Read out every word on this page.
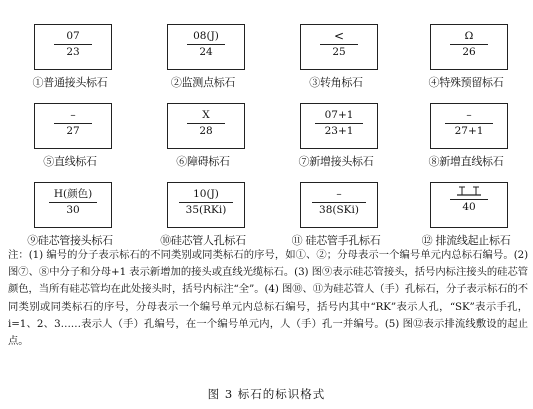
07
23
①普通接头标石
08(J)
24
②监测点标石
<
25
③转角标石
Ω
26
④特殊预留标石
–
27
⑤直线标石
X
28
⑥障碍标石
07+1
23+1
⑦新增接头标石
–
27+1
⑧新增直线标石
H(颜色)
30
⑨硅芯管接头标石
10(J)
35(RKi)
⑩硅芯管人孔标石
–
38(SKi)
⑪ 硅芯管手孔标石
40
⑫ 排流线起止标石
注：(1) 编号的分子表示标石的不同类别或同类标石的序号，如①、②；分母表示一个编号单元内总标石编号。(2) 图⑦、⑧中分子和分母+1 表示新增加的接头或直线光缆标石。(3) 图⑨表示硅芯管接头，括号内标注接头的硅芯管颜色，当所有硅芯管均在此处接头时，括号内标注“全”。(4) 图⑩、⑪为硅芯管人（手）孔标石，分子表示标石的不同类别或同类标石的序号，分母表示一个编号单元内总标石编号，括号内其中“RK”表示人孔，“SK”表示手孔，i=1、2、3……表示人（手）孔编号，在一个编号单元内，人（手）孔一并编号。(5) 图⑫表示排流线敷设的起止点。
图 3 标石的标识格式
